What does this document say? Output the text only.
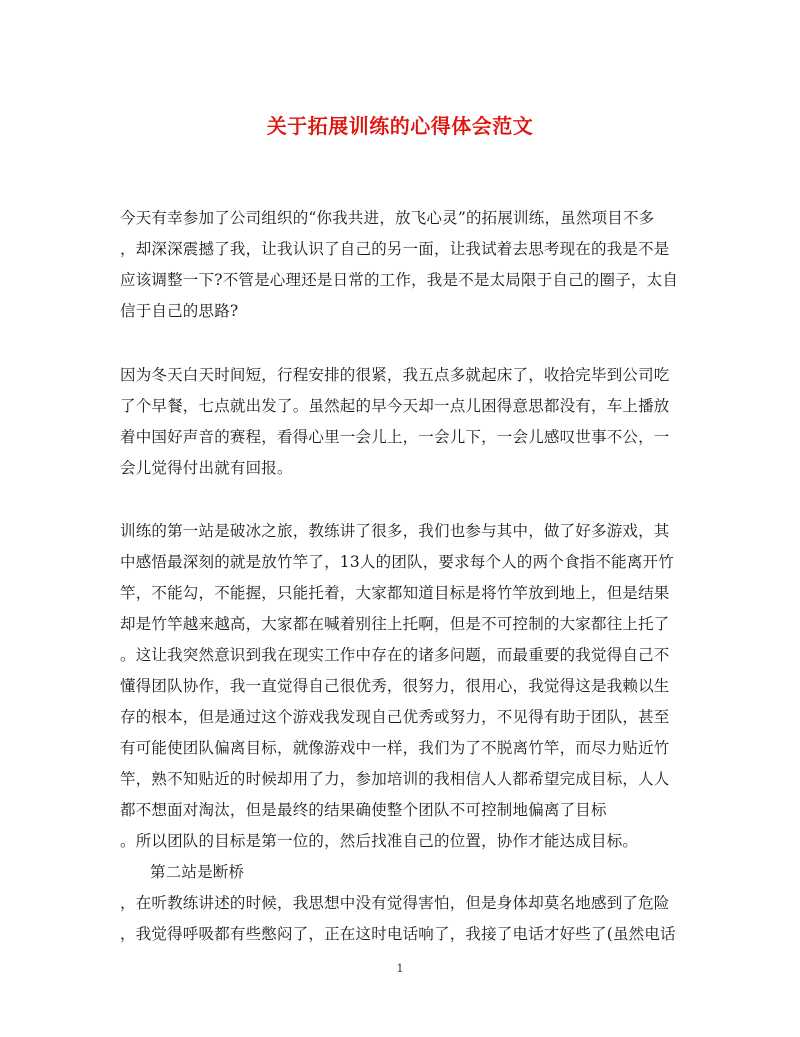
关于拓展训练的心得体会范文
今天有幸参加了公司组织的“你我共进，放飞心灵”的拓展训练，虽然项目不多
，却深深震撼了我，让我认识了自己的另一面，让我试着去思考现在的我是不是
应该调整一下?不管是心理还是日常的工作，我是不是太局限于自己的圈子，太自
信于自己的思路?
因为冬天白天时间短，行程安排的很紧，我五点多就起床了，收拾完毕到公司吃
了个早餐，七点就出发了。虽然起的早今天却一点儿困得意思都没有，车上播放
着中国好声音的赛程，看得心里一会儿上，一会儿下，一会儿感叹世事不公，一
会儿觉得付出就有回报。
训练的第一站是破冰之旅，教练讲了很多，我们也参与其中，做了好多游戏，其
中感悟最深刻的就是放竹竿了，13人的团队，要求每个人的两个食指不能离开竹
竿，不能勾，不能握，只能托着，大家都知道目标是将竹竿放到地上，但是结果
却是竹竿越来越高，大家都在喊着别往上托啊，但是不可控制的大家都往上托了
。这让我突然意识到我在现实工作中存在的诸多问题，而最重要的我觉得自己不
懂得团队协作，我一直觉得自己很优秀，很努力，很用心，我觉得这是我赖以生
存的根本，但是通过这个游戏我发现自己优秀或努力，不见得有助于团队，甚至
有可能使团队偏离目标，就像游戏中一样，我们为了不脱离竹竿，而尽力贴近竹
竿，熟不知贴近的时候却用了力，参加培训的我相信人人都希望完成目标，人人
都不想面对淘汰，但是最终的结果确使整个团队不可控制地偏离了目标
。所以团队的目标是第一位的，然后找准自己的位置，协作才能达成目标。
第二站是断桥
，在听教练讲述的时候，我思想中没有觉得害怕，但是身体却莫名地感到了危险
，我觉得呼吸都有些憋闷了，正在这时电话响了，我接了电话才好些了(虽然电话
1
